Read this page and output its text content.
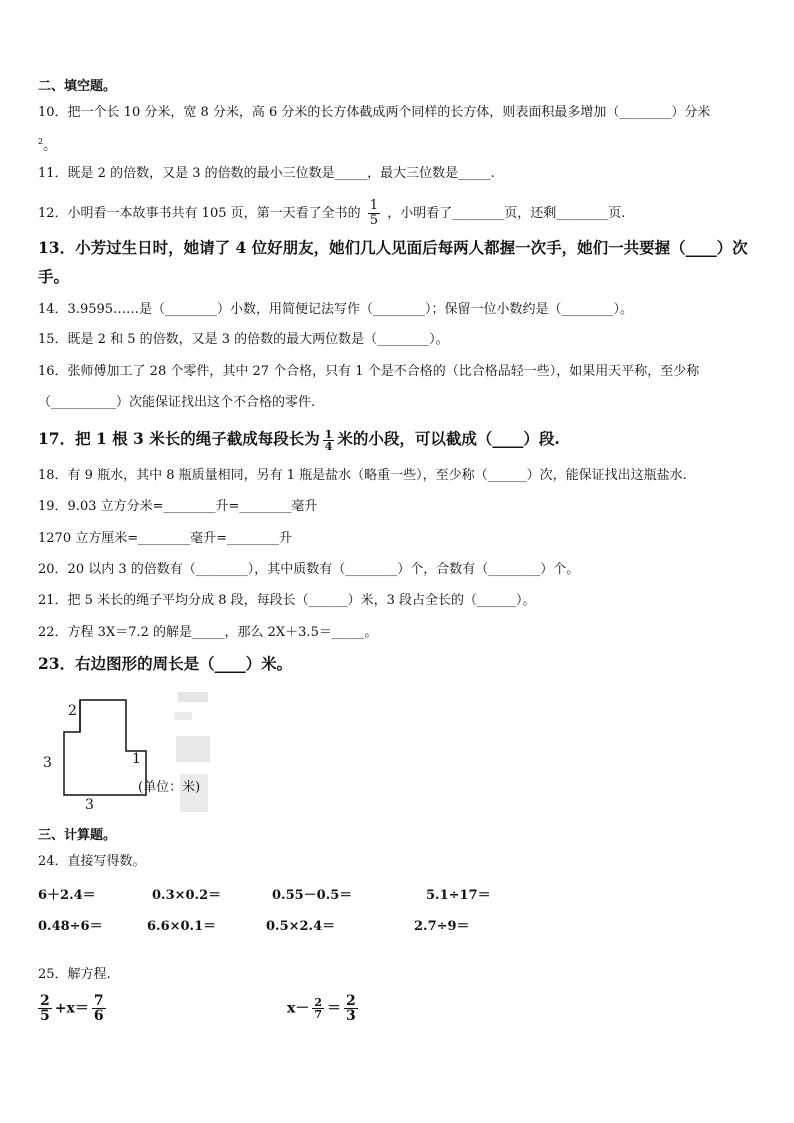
二、填空题。
10．把一个长 10 分米，宽 8 分米，高 6 分米的长方体截成两个同样的长方体，则表面积最多增加（________）分米
$^2$。
11．既是 2 的倍数，又是 3 的倍数的最小三位数是_____，最大三位数是_____.
12．小明看一本故事书共有 105 页，第一天看了全书的 $\frac{1}{5}$ ，小明看了________页，还剩________页.
13．小芳过生日时，她请了 4 位好朋友，她们几人见面后每两人都握一次手，她们一共要握（____）次
手。
14．3.9595……是（________）小数，用简便记法写作（________）；保留一位小数约是（________）。
15．既是 2 和 5 的倍数，又是 3 的倍数的最大两位数是（________）。
16．张师傅加工了 28 个零件，其中 27 个合格，只有 1 个是不合格的（比合格品轻一些），如果用天平称，至少称
（__________）次能保证找出这个不合格的零件.
17．把 1 根 3 米长的绳子截成每段长为 $\frac{1}{4}$ 米的小段，可以截成（____）段.
18．有 9 瓶水，其中 8 瓶质量相同，另有 1 瓶是盐水（略重一些），至少称（______）次，能保证找出这瓶盐水.
19．9.03 立方分米=________升=________毫升
1270 立方厘米=________毫升=________升
20．20 以内 3 的倍数有（________），其中质数有（________）个，合数有（________）个。
21．把 5 米长的绳子平均分成 8 段，每段长（______）米，3 段占全长的（______）。
22．方程 3X＝7.2 的解是_____，那么 2X＋3.5＝_____。
23．右边图形的周长是（____）米。
2
3	1
3
(单位：米)
三、计算题。
24．直接写得数。
6＋2.4＝	0.3×0.2＝	0.55－0.5＝	5.1÷17＝
0.48÷6＝	6.6×0.1＝	0.5×2.4＝	2.7÷9＝
25．解方程.
$\frac{2}{5} +x= \frac{7}{6}$	$x- \frac{2}{7} = \frac{2}{3}$
